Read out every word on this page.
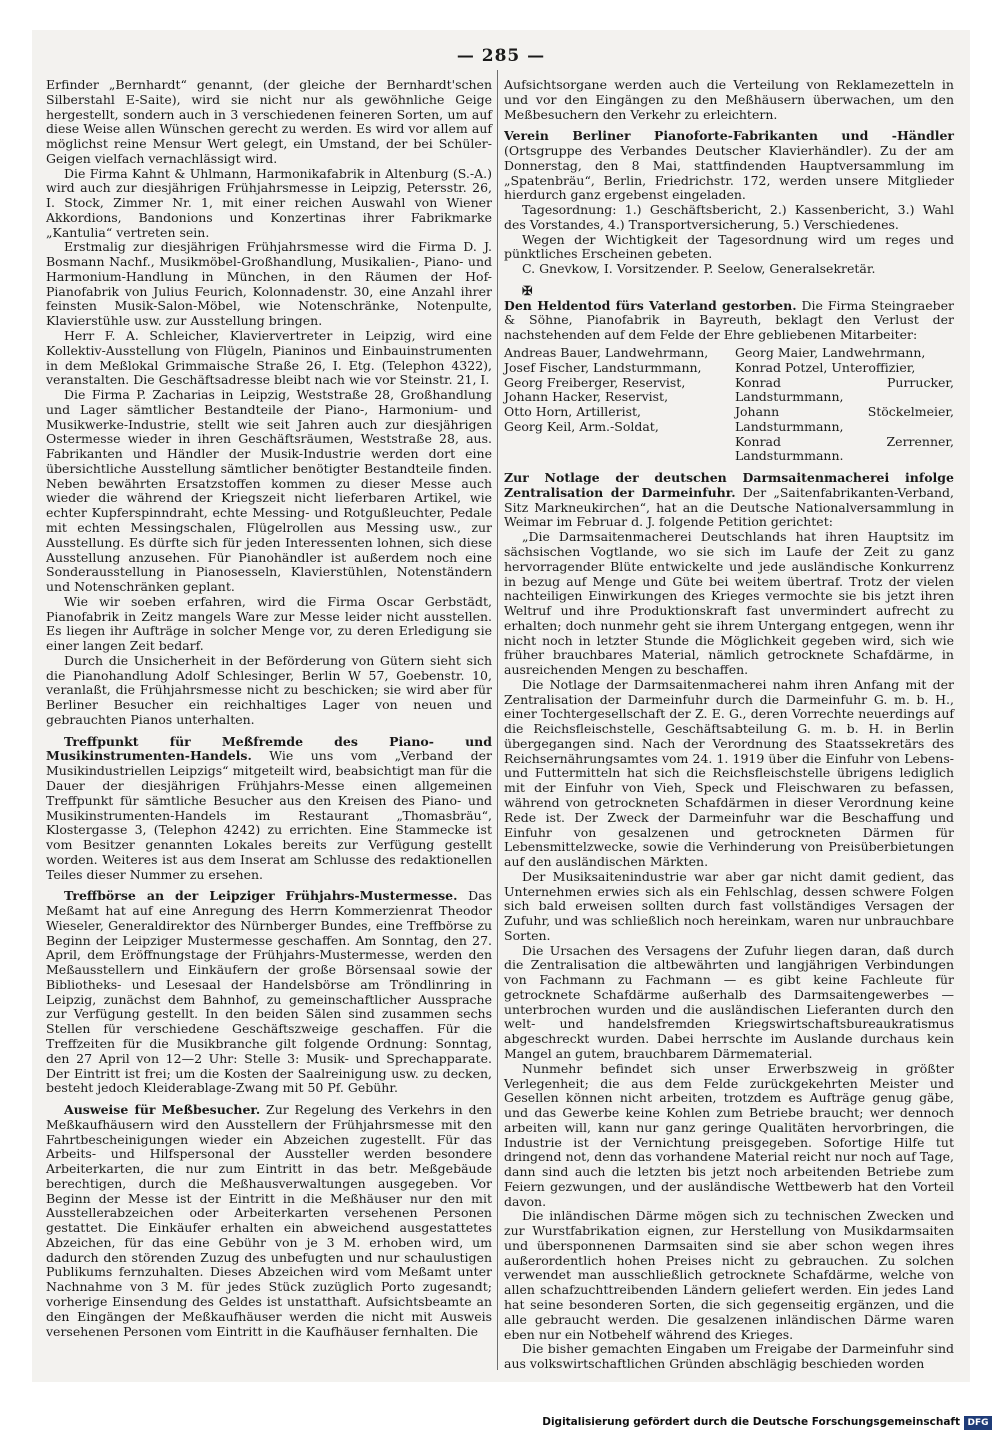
— 285 —

Erfinder „Bernhardt“ genannt, (der gleiche der Bernhardt'schen Silberstahl E-Saite), wird sie nicht nur als gewöhnliche Geige hergestellt, sondern auch in 3 verschiedenen feineren Sorten, um auf diese Weise allen Wünschen gerecht zu werden. Es wird vor allem auf möglichst reine Mensur Wert gelegt, ein Umstand, der bei Schüler-Geigen vielfach vernachlässigt wird.

Die Firma Kahnt & Uhlmann, Harmonikafabrik in Altenburg (S.-A.) wird auch zur diesjährigen Frühjahrsmesse in Leipzig, Petersstr. 26, I. Stock, Zimmer Nr. 1, mit einer reichen Auswahl von Wiener Akkordions, Bandonions und Konzertinas ihrer Fabrikmarke „Kantulia“ vertreten sein.

Erstmalig zur diesjährigen Frühjahrsmesse wird die Firma D. J. Bosmann Nachf., Musikmöbel-Großhandlung, Musikalien-, Piano- und Harmonium-Handlung in München, in den Räumen der Hof-Pianofabrik von Julius Feurich, Kolonnadenstr. 30, eine Anzahl ihrer feinsten Musik-Salon-Möbel, wie Notenschränke, Notenpulte, Klavierstühle usw. zur Ausstellung bringen.

Herr F. A. Schleicher, Klaviervertreter in Leipzig, wird eine Kollektiv-Ausstellung von Flügeln, Pianinos und Einbauinstrumenten in dem Meßlokal Grimmaische Straße 26, I. Etg. (Telephon 4322), veranstalten. Die Geschäftsadresse bleibt nach wie vor Steinstr. 21, I.

Die Firma P. Zacharias in Leipzig, Weststraße 28, Großhandlung und Lager sämtlicher Bestandteile der Piano-, Harmonium- und Musikwerke-Industrie, stellt wie seit Jahren auch zur diesjährigen Ostermesse wieder in ihren Geschäftsräumen, Weststraße 28, aus. Fabrikanten und Händler der Musik-Industrie werden dort eine übersichtliche Ausstellung sämtlicher benötigter Bestandteile finden. Neben bewährten Ersatzstoffen kommen zu dieser Messe auch wieder die während der Kriegszeit nicht lieferbaren Artikel, wie echter Kupferspinndraht, echte Messing- und Rotgußleuchter, Pedale mit echten Messingschalen, Flügelrollen aus Messing usw., zur Ausstellung. Es dürfte sich für jeden Interessenten lohnen, sich diese Ausstellung anzusehen. Für Pianohändler ist außerdem noch eine Sonderausstellung in Pianosesseln, Klavierstühlen, Notenständern und Notenschränken geplant.

Wie wir soeben erfahren, wird die Firma Oscar Gerbstädt, Pianofabrik in Zeitz mangels Ware zur Messe leider nicht ausstellen. Es liegen ihr Aufträge in solcher Menge vor, zu deren Erledigung sie einer langen Zeit bedarf.

Durch die Unsicherheit in der Beförderung von Gütern sieht sich die Pianohandlung Adolf Schlesinger, Berlin W 57, Goebenstr. 10, veranlaßt, die Frühjahrsmesse nicht zu beschicken; sie wird aber für Berliner Besucher ein reichhaltiges Lager von neuen und gebrauchten Pianos unterhalten.

Treffpunkt für Meßfremde des Piano- und Musikinstrumenten-Handels. Wie uns vom „Verband der Musikindustriellen Leipzigs“ mitgeteilt wird, beabsichtigt man für die Dauer der diesjährigen Frühjahrs-Messe einen allgemeinen Treffpunkt für sämtliche Besucher aus den Kreisen des Piano- und Musikinstrumenten-Handels im Restaurant „Thomasbräu“, Klostergasse 3, (Telephon 4242) zu errichten. Eine Stammecke ist vom Besitzer genannten Lokales bereits zur Verfügung gestellt worden. Weiteres ist aus dem Inserat am Schlusse des redaktionellen Teiles dieser Nummer zu ersehen.

Treffbörse an der Leipziger Frühjahrs-Mustermesse. Das Meßamt hat auf eine Anregung des Herrn Kommerzienrat Theodor Wieseler, Generaldirektor des Nürnberger Bundes, eine Treffbörse zu Beginn der Leipziger Mustermesse geschaffen. Am Sonntag, den 27. April, dem Eröffnungstage der Frühjahrs-Mustermesse, werden den Meßausstellern und Einkäufern der große Börsensaal sowie der Bibliotheks- und Lesesaal der Handelsbörse am Tröndlinring in Leipzig, zunächst dem Bahnhof, zu gemeinschaftlicher Aussprache zur Verfügung gestellt. In den beiden Sälen sind zusammen sechs Stellen für verschiedene Geschäftszweige geschaffen. Für die Treffzeiten für die Musikbranche gilt folgende Ordnung: Sonntag, den 27 April von 12—2 Uhr: Stelle 3: Musik- und Sprechapparate. Der Eintritt ist frei; um die Kosten der Saalreinigung usw. zu decken, besteht jedoch Kleiderablage-Zwang mit 50 Pf. Gebühr.

Ausweise für Meßbesucher. Zur Regelung des Verkehrs in den Meßkaufhäusern wird den Ausstellern der Frühjahrsmesse mit den Fahrtbescheinigungen wieder ein Abzeichen zugestellt. Für das Arbeits- und Hilfspersonal der Aussteller werden besondere Arbeiterkarten, die nur zum Eintritt in das betr. Meßgebäude berechtigen, durch die Meßhausverwaltungen ausgegeben. Vor Beginn der Messe ist der Eintritt in die Meßhäuser nur den mit Ausstellerabzeichen oder Arbeiterkarten versehenen Personen gestattet. Die Einkäufer erhalten ein abweichend ausgestattetes Abzeichen, für das eine Gebühr von je 3 M. erhoben wird, um dadurch den störenden Zuzug des unbefugten und nur schaulustigen Publikums fernzuhalten. Dieses Abzeichen wird vom Meßamt unter Nachnahme von 3 M. für jedes Stück zuzüglich Porto zugesandt; vorherige Einsendung des Geldes ist unstatthaft. Aufsichtsbeamte an den Eingängen der Meßkaufhäuser werden die nicht mit Ausweis versehenen Personen vom Eintritt in die Kaufhäuser fernhalten. Die

Aufsichtsorgane werden auch die Verteilung von Reklamezetteln in und vor den Eingängen zu den Meßhäusern überwachen, um den Meßbesuchern den Verkehr zu erleichtern.

Verein Berliner Pianoforte-Fabrikanten und -Händler (Ortsgruppe des Verbandes Deutscher Klavierhändler). Zu der am Donnerstag, den 8 Mai, stattfindenden Hauptversammlung im „Spatenbräu“, Berlin, Friedrichstr. 172, werden unsere Mitglieder hierdurch ganz ergebenst eingeladen.

Tagesordnung: 1.) Geschäftsbericht, 2.) Kassenbericht, 3.) Wahl des Vorstandes, 4.) Transportversicherung, 5.) Verschiedenes.

Wegen der Wichtigkeit der Tagesordnung wird um reges und pünktliches Erscheinen gebeten.

C. Gnevkow, I. Vorsitzender. P. Seelow, Generalsekretär.

✠

Den Heldentod fürs Vaterland gestorben. Die Firma Steingraeber & Söhne, Pianofabrik in Bayreuth, beklagt den Verlust der nachstehenden auf dem Felde der Ehre gebliebenen Mitarbeiter:

Andreas Bauer, Landwehrmann,
Josef Fischer, Landsturmmann,
Georg Freiberger, Reservist,
Johann Hacker, Reservist,
Otto Horn, Artillerist,
Georg Keil, Arm.-Soldat,
Georg Maier, Landwehrmann,
Konrad Potzel, Unteroffizier,
Konrad Purrucker, Landsturmmann,
Johann Stöckelmeier, Landsturmmann,
Konrad Zerrenner, Landsturmmann.

Zur Notlage der deutschen Darmsaitenmacherei infolge Zentralisation der Darmeinfuhr. Der „Saitenfabrikanten-Verband, Sitz Markneukirchen“, hat an die Deutsche Nationalversammlung in Weimar im Februar d. J. folgende Petition gerichtet:

„Die Darmsaitenmacherei Deutschlands hat ihren Hauptsitz im sächsischen Vogtlande, wo sie sich im Laufe der Zeit zu ganz hervorragender Blüte entwickelte und jede ausländische Konkurrenz in bezug auf Menge und Güte bei weitem übertraf. Trotz der vielen nachteiligen Einwirkungen des Krieges vermochte sie bis jetzt ihren Weltruf und ihre Produktionskraft fast unvermindert aufrecht zu erhalten; doch nunmehr geht sie ihrem Untergang entgegen, wenn ihr nicht noch in letzter Stunde die Möglichkeit gegeben wird, sich wie früher brauchbares Material, nämlich getrocknete Schafdärme, in ausreichenden Mengen zu beschaffen.

Die Notlage der Darmsaitenmacherei nahm ihren Anfang mit der Zentralisation der Darmeinfuhr durch die Darmeinfuhr G. m. b. H., einer Tochtergesellschaft der Z. E. G., deren Vorrechte neuerdings auf die Reichsfleischstelle, Geschäftsabteilung G. m. b. H. in Berlin übergegangen sind. Nach der Verordnung des Staatssekretärs des Reichsernährungsamtes vom 24. 1. 1919 über die Einfuhr von Lebens- und Futtermitteln hat sich die Reichsfleischstelle übrigens lediglich mit der Einfuhr von Vieh, Speck und Fleischwaren zu befassen, während von getrockneten Schafdärmen in dieser Verordnung keine Rede ist. Der Zweck der Darmeinfuhr war die Beschaffung und Einfuhr von gesalzenen und getrockneten Därmen für Lebensmittelzwecke, sowie die Verhinderung von Preisüberbietungen auf den ausländischen Märkten.

Der Musiksaitenindustrie war aber gar nicht damit gedient, das Unternehmen erwies sich als ein Fehlschlag, dessen schwere Folgen sich bald erweisen sollten durch fast vollständiges Versagen der Zufuhr, und was schließlich noch hereinkam, waren nur unbrauchbare Sorten.

Die Ursachen des Versagens der Zufuhr liegen daran, daß durch die Zentralisation die altbewährten und langjährigen Verbindungen von Fachmann zu Fachmann — es gibt keine Fachleute für getrocknete Schafdärme außerhalb des Darmsaitengewerbes — unterbrochen wurden und die ausländischen Lieferanten durch den welt- und handelsfremden Kriegswirtschaftsbureaukratismus abgeschreckt wurden. Dabei herrschte im Auslande durchaus kein Mangel an gutem, brauchbarem Därmematerial.

Nunmehr befindet sich unser Erwerbszweig in größter Verlegenheit; die aus dem Felde zurückgekehrten Meister und Gesellen können nicht arbeiten, trotzdem es Aufträge genug gäbe, und das Gewerbe keine Kohlen zum Betriebe braucht; wer dennoch arbeiten will, kann nur ganz geringe Qualitäten hervorbringen, die Industrie ist der Vernichtung preisgegeben. Sofortige Hilfe tut dringend not, denn das vorhandene Material reicht nur noch auf Tage, dann sind auch die letzten bis jetzt noch arbeitenden Betriebe zum Feiern gezwungen, und der ausländische Wettbewerb hat den Vorteil davon.

Die inländischen Därme mögen sich zu technischen Zwecken und zur Wurstfabrikation eignen, zur Herstellung von Musikdarmsaiten und übersponnenen Darmsaiten sind sie aber schon wegen ihres außerordentlich hohen Preises nicht zu gebrauchen. Zu solchen verwendet man ausschließlich getrocknete Schafdärme, welche von allen schafzuchttreibenden Ländern geliefert werden. Ein jedes Land hat seine besonderen Sorten, die sich gegenseitig ergänzen, und die alle gebraucht werden. Die gesalzenen inländischen Därme waren eben nur ein Notbehelf während des Krieges.

Die bisher gemachten Eingaben um Freigabe der Darmeinfuhr sind aus volkswirtschaftlichen Gründen abschlägig beschieden worden

Digitalisierung gefördert durch die Deutsche Forschungsgemeinschaft DFG
